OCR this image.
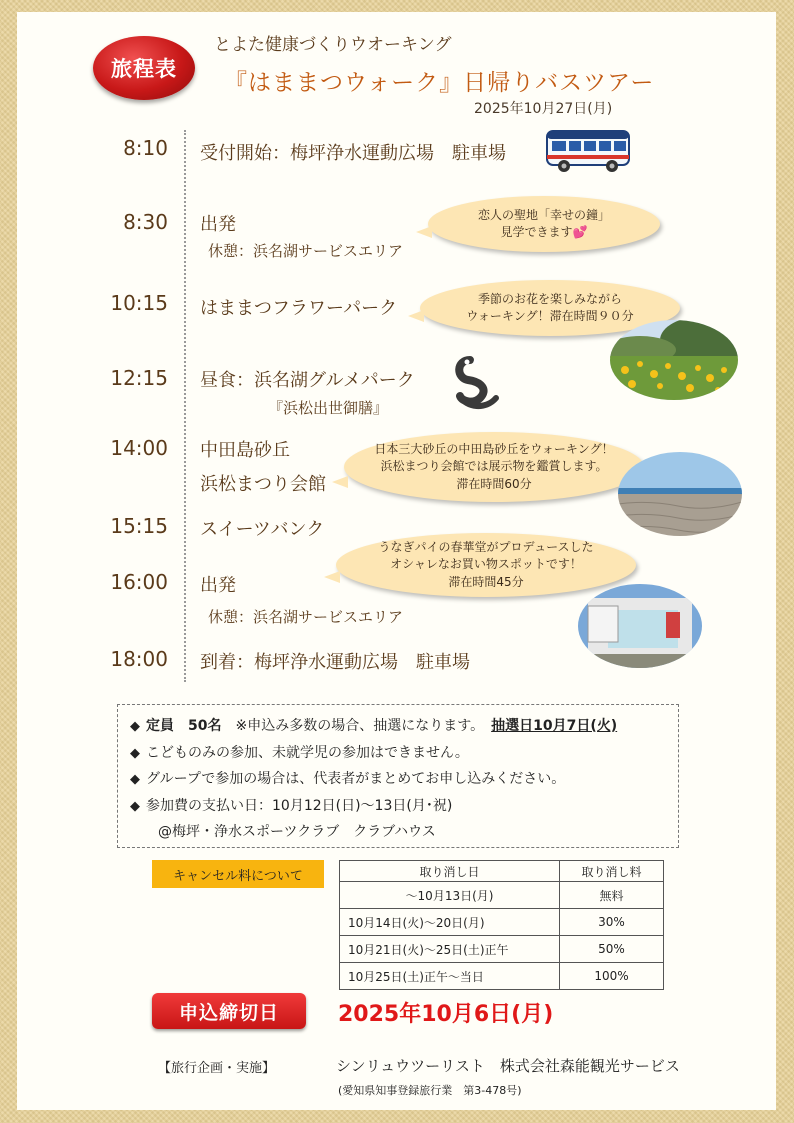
旅程表
とよた健康づくりウオーキング
『はままつウォーク』日帰りバスツアー
2025年10月27日(月)
8:10 受付開始：梅坪浄水運動広場　駐車場
8:30 出発
休憩：浜名湖サービスエリア
恋人の聖地「幸せの鐘」
見学できます💕
10:15 はままつフラワーパーク	季節のお花を楽しみながら
ウォーキング！滞在時間９０分
12:15 昼食：浜名湖グルメパーク
『浜松出世御膳』
14:00 中田島砂丘
浜松まつり会館
日本三大砂丘の中田島砂丘をウォーキング！
浜松まつり会館では展示物を鑑賞します。
滞在時間60分
15:15 スイーツバンク
うなぎパイの春華堂がプロデュースした
オシャレなお買い物スポットです！
滞在時間45分
16:00 出発
休憩：浜名湖サービスエリア
18:00 到着：梅坪浄水運動広場　駐車場
◆ 定員　50名　 ※申込み多数の場合、抽選になります。　 抽選日10月7日(火)
◆ こどものみの参加、未就学児の参加はできません。
◆ グループで参加の場合は、代表者がまとめてお申し込みください。
◆ 参加費の支払い日：10月12日(日)～13日(月･祝)
@梅坪・浄水スポーツクラブ　クラブハウス
キャンセル料について	取り消し日	取り消し料
～10月13日(月)	無料
10月14日(火)～20日(月)	30%
10月21日(火)～25日(土)正午	50%
10月25日(土)正午～当日	100%
申込締切日	2025年10月6日(月)
【旅行企画・実施】	シンリュウツーリスト　株式会社森能観光サービス
(愛知県知事登録旅行業　第3-478号)
